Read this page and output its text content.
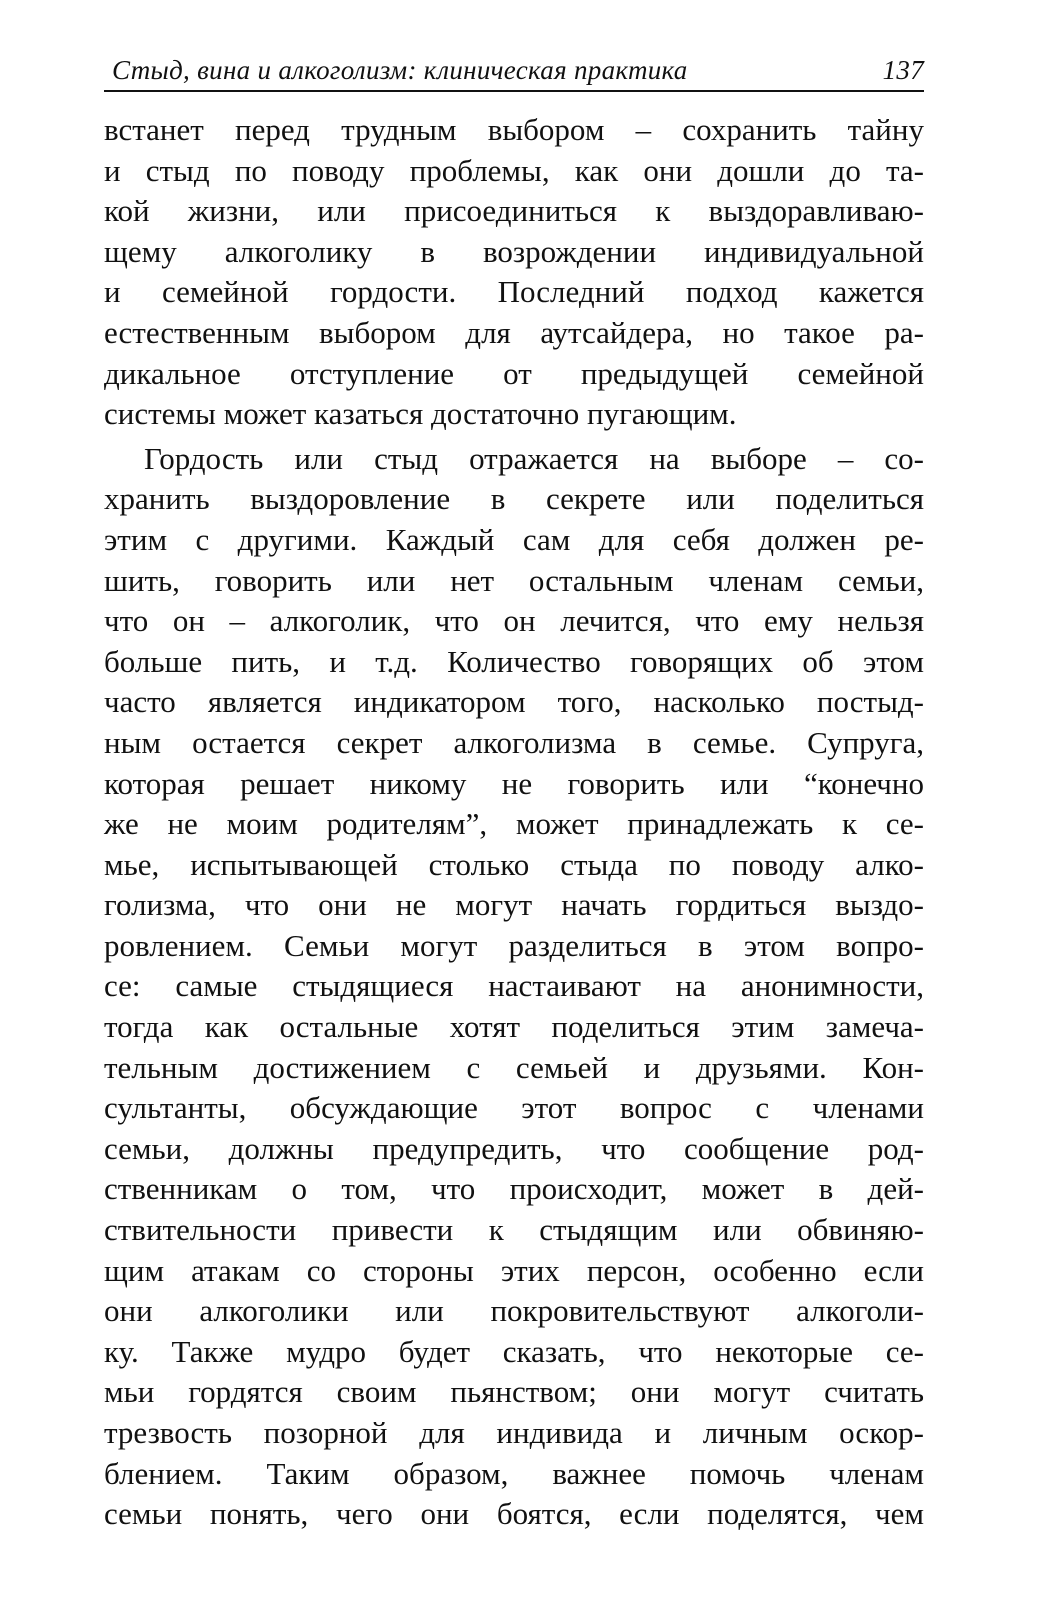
Стыд, вина и алкоголизм: клиническая практика	137
встанет перед трудным выбором – сохранить тайну
и стыд по поводу проблемы, как они дошли до та-
кой жизни, или присоединиться к выздоравливаю-
щему алкоголику в возрождении индивидуальной
и семейной гордости. Последний подход кажется
естественным выбором для аутсайдера, но такое ра-
дикальное отступление от предыдущей семейной
системы может казаться достаточно пугающим.
Гордость или стыд отражается на выборе – со-
хранить выздоровление в секрете или поделиться
этим с другими. Каждый сам для себя должен ре-
шить, говорить или нет остальным членам семьи,
что он – алкоголик, что он лечится, что ему нельзя
больше пить, и т.д. Количество говорящих об этом
часто является индикатором того, насколько постыд-
ным остается секрет алкоголизма в семье. Супруга,
которая решает никому не говорить или “конечно
же не моим родителям”, может принадлежать к се-
мье, испытывающей столько стыда по поводу алко-
голизма, что они не могут начать гордиться выздо-
ровлением. Семьи могут разделиться в этом вопро-
се: самые стыдящиеся настаивают на анонимности,
тогда как остальные хотят поделиться этим замеча-
тельным достижением с семьей и друзьями. Кон-
сультанты, обсуждающие этот вопрос с членами
семьи, должны предупредить, что сообщение род-
ственникам о том, что происходит, может в дей-
ствительности привести к стыдящим или обвиняю-
щим атакам со стороны этих персон, особенно если
они алкоголики или покровительствуют алкоголи-
ку. Также мудро будет сказать, что некоторые се-
мьи гордятся своим пьянством; они могут считать
трезвость позорной для индивида и личным оскор-
блением. Таким образом, важнее помочь членам
семьи понять, чего они боятся, если поделятся, чем
